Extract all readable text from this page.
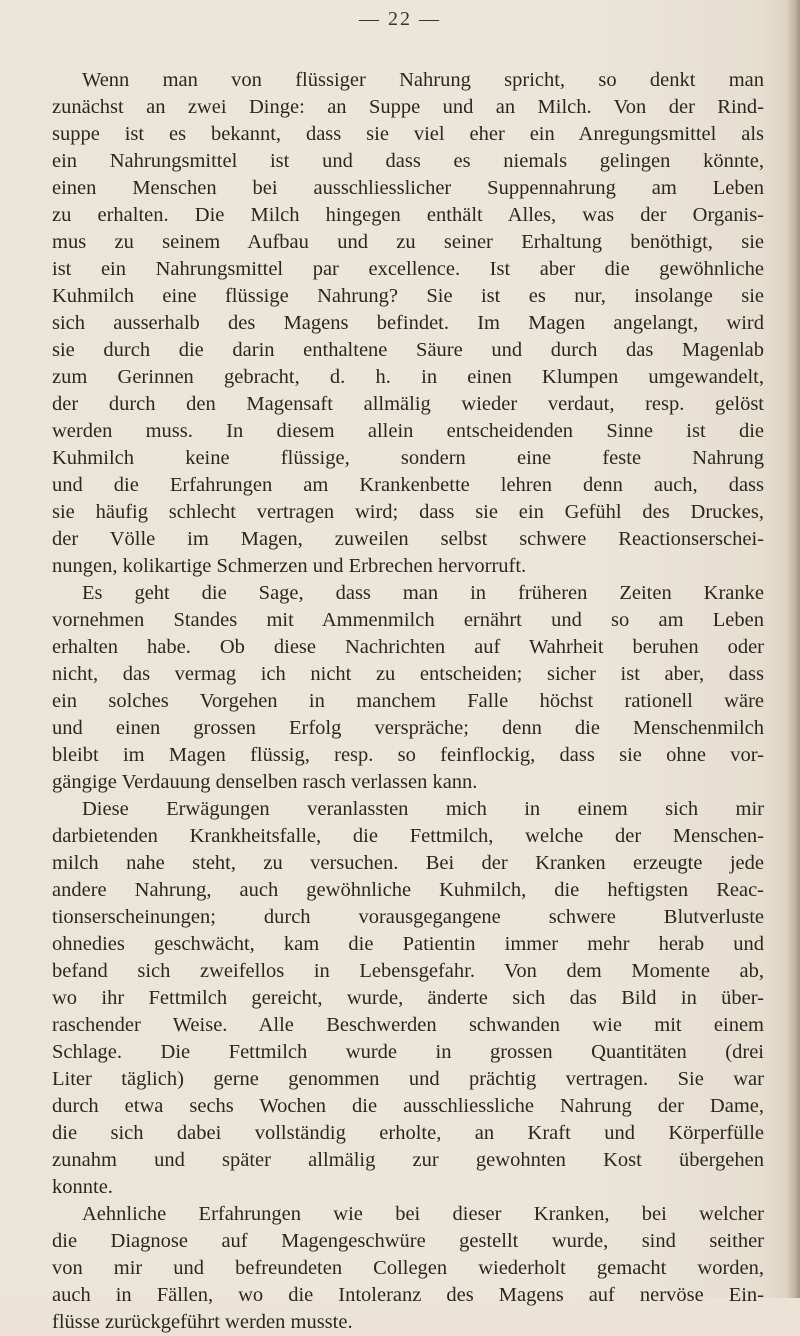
— 22 —
Wenn man von flüssiger Nahrung spricht, so denkt man
zunächst an zwei Dinge: an Suppe und an Milch. Von der Rind-
suppe ist es bekannt, dass sie viel eher ein Anregungsmittel als
ein Nahrungsmittel ist und dass es niemals gelingen könnte,
einen Menschen bei ausschliesslicher Suppennahrung am Leben
zu erhalten. Die Milch hingegen enthält Alles, was der Organis-
mus zu seinem Aufbau und zu seiner Erhaltung benöthigt, sie
ist ein Nahrungsmittel par excellence. Ist aber die gewöhnliche
Kuhmilch eine flüssige Nahrung? Sie ist es nur, insolange sie
sich ausserhalb des Magens befindet. Im Magen angelangt, wird
sie durch die darin enthaltene Säure und durch das Magenlab
zum Gerinnen gebracht, d. h. in einen Klumpen umgewandelt,
der durch den Magensaft allmälig wieder verdaut, resp. gelöst
werden muss. In diesem allein entscheidenden Sinne ist die
Kuhmilch keine flüssige, sondern eine feste Nahrung
und die Erfahrungen am Krankenbette lehren denn auch, dass
sie häufig schlecht vertragen wird; dass sie ein Gefühl des Druckes,
der Völle im Magen, zuweilen selbst schwere Reactionserschei-
nungen, kolikartige Schmerzen und Erbrechen hervorruft.
Es geht die Sage, dass man in früheren Zeiten Kranke
vornehmen Standes mit Ammenmilch ernährt und so am Leben
erhalten habe. Ob diese Nachrichten auf Wahrheit beruhen oder
nicht, das vermag ich nicht zu entscheiden; sicher ist aber, dass
ein solches Vorgehen in manchem Falle höchst rationell wäre
und einen grossen Erfolg verspräche; denn die Menschenmilch
bleibt im Magen flüssig, resp. so feinflockig, dass sie ohne vor-
gängige Verdauung denselben rasch verlassen kann.
Diese Erwägungen veranlassten mich in einem sich mir
darbietenden Krankheitsfalle, die Fettmilch, welche der Menschen-
milch nahe steht, zu versuchen. Bei der Kranken erzeugte jede
andere Nahrung, auch gewöhnliche Kuhmilch, die heftigsten Reac-
tionserscheinungen; durch vorausgegangene schwere Blutverluste
ohnedies geschwächt, kam die Patientin immer mehr herab und
befand sich zweifellos in Lebensgefahr. Von dem Momente ab,
wo ihr Fettmilch gereicht, wurde, änderte sich das Bild in über-
raschender Weise. Alle Beschwerden schwanden wie mit einem
Schlage. Die Fettmilch wurde in grossen Quantitäten (drei
Liter täglich) gerne genommen und prächtig vertragen. Sie war
durch etwa sechs Wochen die ausschliessliche Nahrung der Dame,
die sich dabei vollständig erholte, an Kraft und Körperfülle
zunahm und später allmälig zur gewohnten Kost übergehen
konnte.
Aehnliche Erfahrungen wie bei dieser Kranken, bei welcher
die Diagnose auf Magengeschwüre gestellt wurde, sind seither
von mir und befreundeten Collegen wiederholt gemacht worden,
auch in Fällen, wo die Intoleranz des Magens auf nervöse Ein-
flüsse zurückgeführt werden musste.
